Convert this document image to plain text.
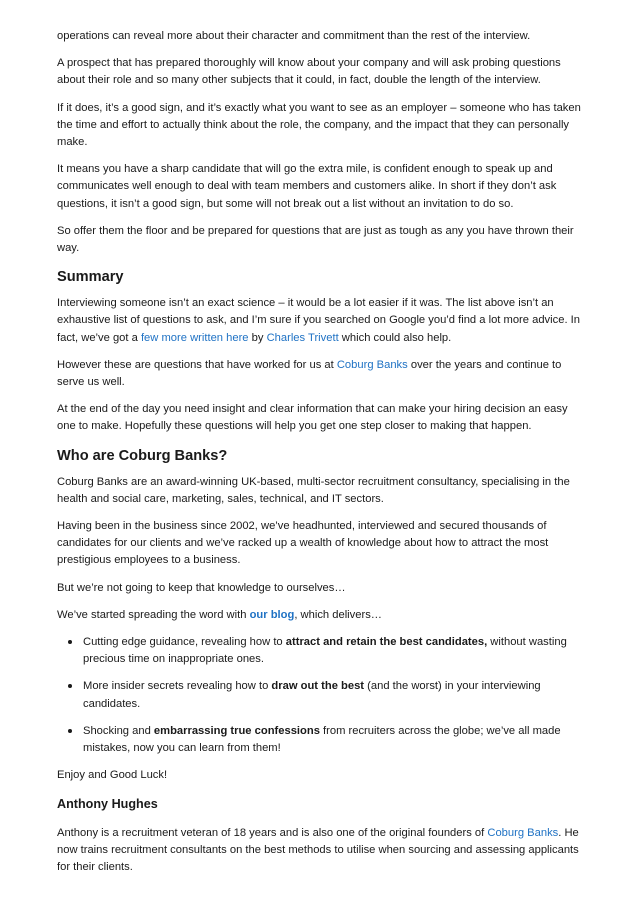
operations can reveal more about their character and commitment than the rest of the interview.

A prospect that has prepared thoroughly will know about your company and will ask probing questions about their role and so many other subjects that it could, in fact, double the length of the interview.

If it does, it’s a good sign, and it’s exactly what you want to see as an employer – someone who has taken the time and effort to actually think about the role, the company, and the impact that they can personally make.

It means you have a sharp candidate that will go the extra mile, is confident enough to speak up and communicates well enough to deal with team members and customers alike. In short if they don’t ask questions, it isn’t a good sign, but some will not break out a list without an invitation to do so.

So offer them the floor and be prepared for questions that are just as tough as any you have thrown their way.

Summary

Interviewing someone isn’t an exact science – it would be a lot easier if it was. The list above isn’t an exhaustive list of questions to ask, and I’m sure if you searched on Google you’d find a lot more advice. In fact, we’ve got a few more written here by Charles Trivett which could also help.

However these are questions that have worked for us at Coburg Banks over the years and continue to serve us well.

At the end of the day you need insight and clear information that can make your hiring decision an easy one to make. Hopefully these questions will help you get one step closer to making that happen.

Who are Coburg Banks?

Coburg Banks are an award-winning UK-based, multi-sector recruitment consultancy, specialising in the health and social care, marketing, sales, technical, and IT sectors.

Having been in the business since 2002, we’ve headhunted, interviewed and secured thousands of candidates for our clients and we’ve racked up a wealth of knowledge about how to attract the most prestigious employees to a business.

But we’re not going to keep that knowledge to ourselves…

We’ve started spreading the word with our blog, which delivers…

Cutting edge guidance, revealing how to attract and retain the best candidates, without wasting precious time on inappropriate ones.
More insider secrets revealing how to draw out the best (and the worst) in your interviewing candidates.
Shocking and embarrassing true confessions from recruiters across the globe; we’ve all made mistakes, now you can learn from them!

Enjoy and Good Luck!

Anthony Hughes

Anthony is a recruitment veteran of 18 years and is also one of the original founders of Coburg Banks. He now trains recruitment consultants on the best methods to utilise when sourcing and assessing applicants for their clients.
